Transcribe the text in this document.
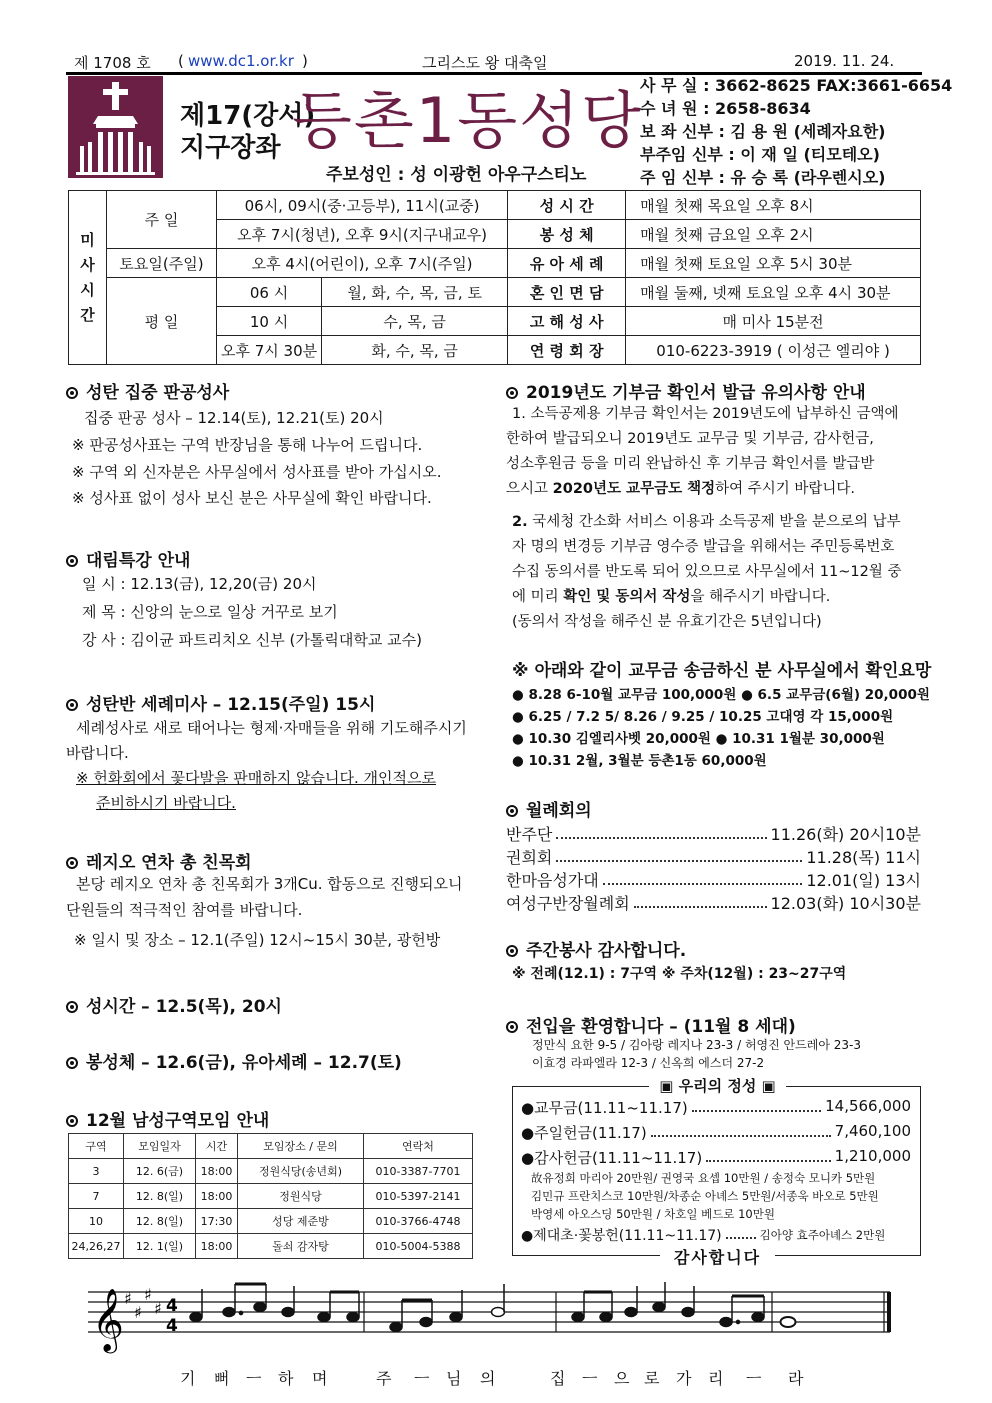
제 1708 호 ( www.dc1.or.kr )	그리스도 왕 대축일	2019. 11. 24.
제17(강서)
지구장좌 등촌1동성당
주보성인 : 성 이광헌 아우구스티노
사 무 실 : 3662-8625 FAX:3661-6654
수 녀 원 : 2658-8634
보 좌 신부 : 김 용 원 (세례자요한)
부주임 신부 : 이 재 일 (티모테오)
주 임 신부 : 유 승 록 (라우렌시오)
미
사
시
간	주 일	06시, 09시(중·고등부), 11시(교중)		성 시 간	매월 첫째 목요일 오후 8시
		오후 7시(청년), 오후 9시(지구내교우)		봉 성 체	매월 첫째 금요일 오후 2시
	토요일(주일)	오후 4시(어린이), 오후 7시(주일)		유 아 세 례	매월 첫째 토요일 오후 5시 30분
	평 일	06 시	월, 화, 수, 목, 금, 토	혼 인 면 담	매월 둘째, 넷째 토요일 오후 4시 30분
		10 시	수, 목, 금	고 해 성 사	매 미사 15분전
		오후 7시 30분	화, 수, 목, 금	연 령 회 장	010-6223-3919 ( 이성근 엘리야 )
성탄 집중 판공성사
집중 판공 성사 – 12.14(토), 12.21(토) 20시
※ 판공성사표는 구역 반장님을 통해 나누어 드립니다.
※ 구역 외 신자분은 사무실에서 성사표를 받아 가십시오.
※ 성사표 없이 성사 보신 분은 사무실에 확인 바랍니다.
대림특강 안내
일 시 : 12.13(금), 12,20(금) 20시
제 목 : 신앙의 눈으로 일상 거꾸로 보기
강 사 : 김이균 파트리치오 신부 (가톨릭대학교 교수)
성탄반 세례미사 – 12.15(주일) 15시
세례성사로 새로 태어나는 형제·자매들을 위해 기도해주시기
바랍니다.
※ 헌화회에서 꽃다발을 판매하지 않습니다. 개인적으로
준비하시기 바랍니다.
레지오 연차 총 친목회
본당 레지오 연차 총 친목회가 3개Cu. 합동으로 진행되오니
단원들의 적극적인 참여를 바랍니다.
※ 일시 및 장소 – 12.1(주일) 12시~15시 30분, 광헌방
성시간 – 12.5(목), 20시
봉성체 – 12.6(금), 유아세례 – 12.7(토)
12월 남성구역모임 안내
구역	모임일자	시간	모임장소 / 문의	연락처
3	12. 6(금)	18:00	정원식당(송년회)	010-3387-7701
7	12. 8(일)	18:00	정원식당	010-5397-2141
10	12. 8(일)	17:30	성당 제준방	010-3766-4748
24,26,27	12. 1(일)	18:00	돌쇠 감자탕	010-5004-5388
2019년도 기부금 확인서 발급 유의사항 안내
1. 소득공제용 기부금 확인서는 2019년도에 납부하신 금액에
한하여 발급되오니 2019년도 교무금 및 기부금, 감사헌금,
성소후원금 등을 미리 완납하신 후 기부금 확인서를 발급받
으시고 2020년도 교무금도 책정하여 주시기 바랍니다.
2. 국세청 간소화 서비스 이용과 소득공제 받을 분으로의 납부
자 명의 변경등 기부금 영수증 발급을 위해서는 주민등록번호
수집 동의서를 반도록 되어 있으므로 사무실에서 11~12월 중
에 미리 확인 및 동의서 작성을 해주시기 바랍니다.
(동의서 작성을 해주신 분 유효기간은 5년입니다)
※ 아래와 같이 교무금 송금하신 분 사무실에서 확인요망
● 8.28 6-10월 교무금 100,000원 ● 6.5 교무금(6월) 20,000원
● 6.25 / 7.2 5/ 8.26 / 9.25 / 10.25 고대영 각 15,000원
● 10.30 김엘리사벳 20,000원 ● 10.31 1월분 30,000원
● 10.31 2월, 3월분 등촌1동 60,000원
월례회의
반주단	11.26(화) 20시10분
권희회	11.28(목) 11시
한마음성가대	12.01(일) 13시
여성구반장월례회	12.03(화) 10시30분
주간봉사 감사합니다.
※ 전례(12.1) : 7구역 ※ 주차(12월) : 23~27구역
전입을 환영합니다 – (11월 8 세대)
정만식 요한 9-5 / 김아랑 레지나 23-3 / 허영진 안드레아 23-3
이효경 라파엘라 12-3 / 신옥희 에스더 27-2
▣ 우리의 정성 ▣
●교무금(11.11~11.17)	14,566,000
●주일헌금(11.17)	7,460,100
●감사헌금(11.11~11.17)	1,210,000
故유정희 마리아 20만원/ 권영국 요셉 10만원 / 송정숙 모니카 5만원
김민규 프란치스코 10만원/차종순 아녜스 5만원/서종욱 바오로 5만원
박영세 아오스딩 50만원 / 차호일 베드로 10만원
●제대초·꽃봉헌(11.11~11.17)	김아양 효주아녜스 2만원
감사합니다
𝄞 ♯
♯
♯
♯ 4
4
기 뻐 ㅡ 하 며	주 ㅡ 님 의	집 ㅡ 으 로 가 리 ㅡ 라
